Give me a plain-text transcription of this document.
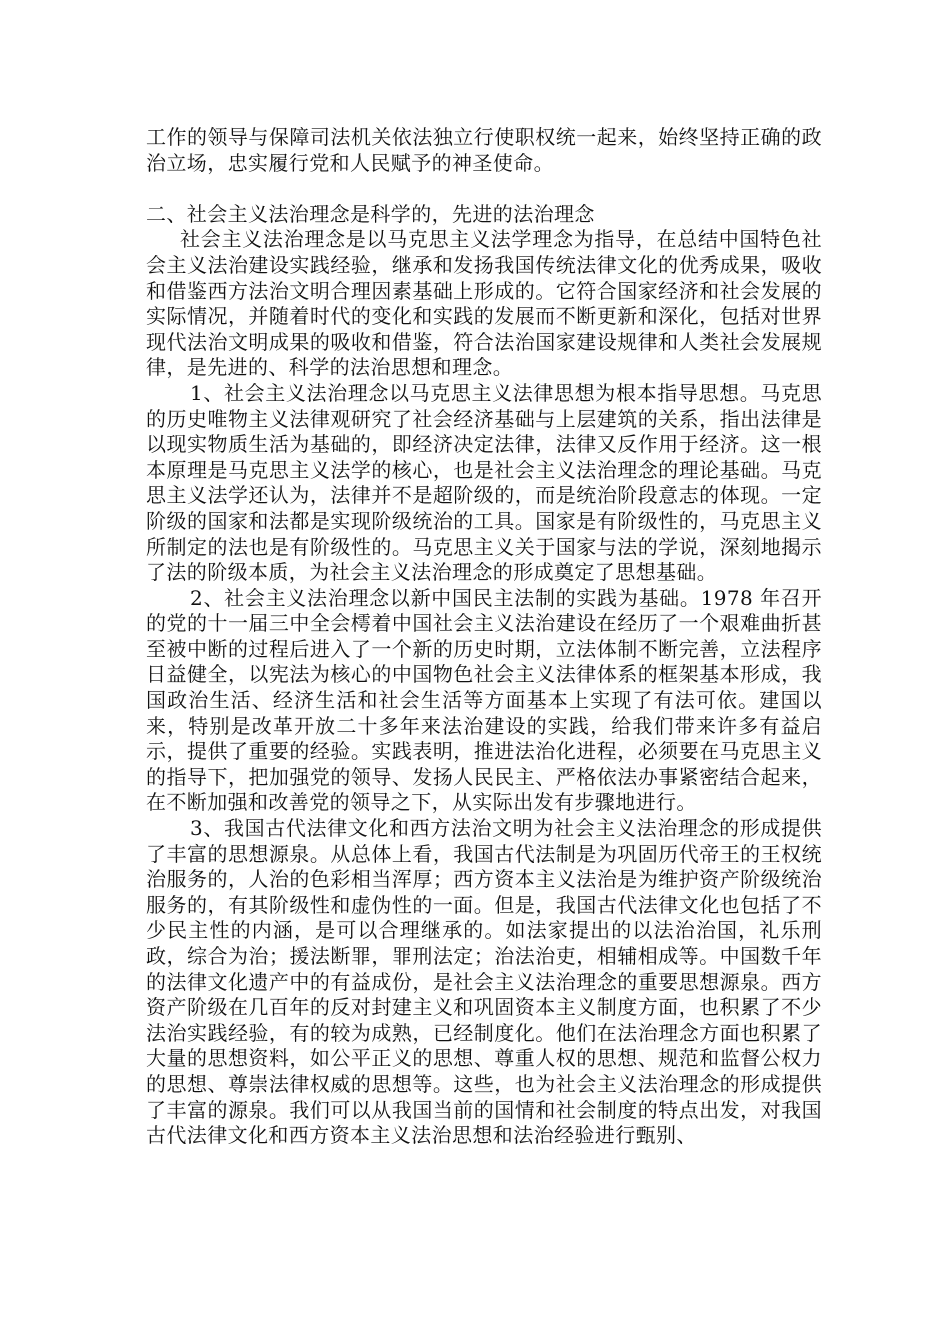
工作的领导与保障司法机关依法独立行使职权统一起来，始终坚持正确的政治立场，忠实履行党和人民赋予的神圣使命。

二、社会主义法治理念是科学的，先进的法治理念

社会主义法治理念是以马克思主义法学理念为指导，在总结中国特色社会主义法治建设实践经验，继承和发扬我国传统法律文化的优秀成果，吸收和借鉴西方法治文明合理因素基础上形成的。它符合国家经济和社会发展的实际情况，并随着时代的变化和实践的发展而不断更新和深化，包括对世界现代法治文明成果的吸收和借鉴，符合法治国家建设规律和人类社会发展规律，是先进的、科学的法治思想和理念。

1、社会主义法治理念以马克思主义法律思想为根本指导思想。马克思的历史唯物主义法律观研究了社会经济基础与上层建筑的关系，指出法律是以现实物质生活为基础的，即经济决定法律，法律又反作用于经济。这一根本原理是马克思主义法学的核心，也是社会主义法治理念的理论基础。马克思主义法学还认为，法律并不是超阶级的，而是统治阶段意志的体现。一定阶级的国家和法都是实现阶级统治的工具。国家是有阶级性的，马克思主义所制定的法也是有阶级性的。马克思主义关于国家与法的学说，深刻地揭示了法的阶级本质，为社会主义法治理念的形成奠定了思想基础。

2、社会主义法治理念以新中国民主法制的实践为基础。1978 年召开的党的十一届三中全会樗着中国社会主义法治建设在经历了一个艰难曲折甚至被中断的过程后进入了一个新的历史时期，立法体制不断完善，立法程序日益健全，以宪法为核心的中国物色社会主义法律体系的框架基本形成，我国政治生活、经济生活和社会生活等方面基本上实现了有法可依。建国以来，特别是改革开放二十多年来法治建设的实践，给我们带来许多有益启示，提供了重要的经验。实践表明，推进法治化进程，必须要在马克思主义的指导下，把加强党的领导、发扬人民民主、严格依法办事紧密结合起来，在不断加强和改善党的领导之下，从实际出发有步骤地进行。

3、我国古代法律文化和西方法治文明为社会主义法治理念的形成提供了丰富的思想源泉。从总体上看，我国古代法制是为巩固历代帝王的王权统治服务的，人治的色彩相当浑厚；西方资本主义法治是为维护资产阶级统治服务的，有其阶级性和虚伪性的一面。但是，我国古代法律文化也包括了不少民主性的内涵，是可以合理继承的。如法家提出的以法治治国，礼乐刑政，综合为治；援法断罪，罪刑法定；治法治吏，相辅相成等。中国数千年的法律文化遗产中的有益成份，是社会主义法治理念的重要思想源泉。西方资产阶级在几百年的反对封建主义和巩固资本主义制度方面，也积累了不少法治实践经验，有的较为成熟，已经制度化。他们在法治理念方面也积累了大量的思想资料，如公平正义的思想、尊重人权的思想、规范和监督公权力的思想、尊崇法律权威的思想等。这些，也为社会主义法治理念的形成提供了丰富的源泉。我们可以从我国当前的国情和社会制度的特点出发，对我国古代法律文化和西方资本主义法治思想和法治经验进行甄别、
